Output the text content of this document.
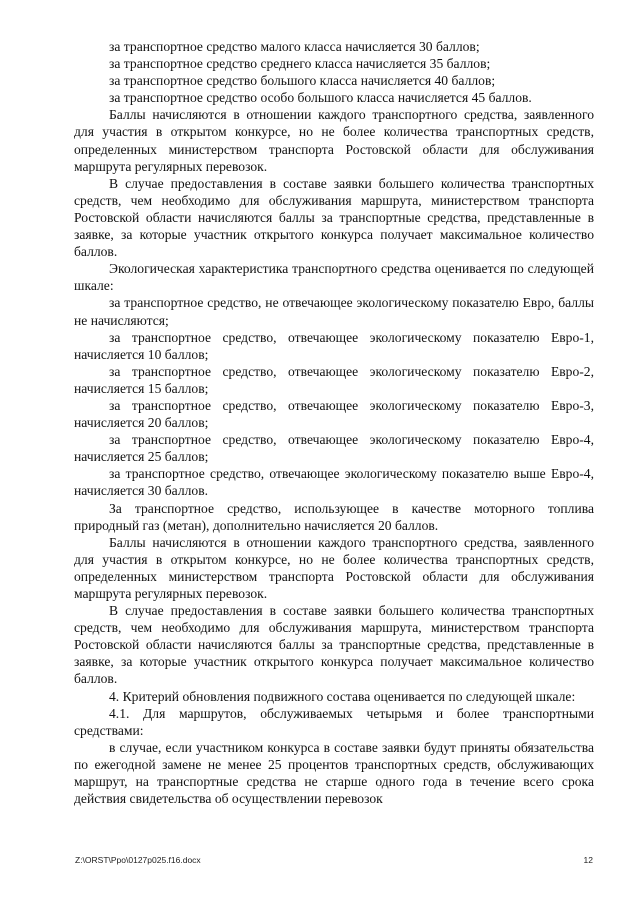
за транспортное средство малого класса начисляется 30 баллов;

за транспортное средство среднего класса начисляется 35 баллов;

за транспортное средство большого класса начисляется 40 баллов;

за транспортное средство особо большого класса начисляется 45 баллов.

Баллы начисляются в отношении каждого транспортного средства, заявленного для участия в открытом конкурсе, но не более количества транспортных средств, определенных министерством транспорта Ростовской области для обслуживания маршрута регулярных перевозок.

В случае предоставления в составе заявки большего количества транспортных средств, чем необходимо для обслуживания маршрута, министерством транспорта Ростовской области начисляются баллы за транспортные средства, представленные в заявке, за которые участник открытого конкурса получает максимальное количество баллов.

Экологическая характеристика транспортного средства оценивается по следующей шкале:

за транспортное средство, не отвечающее экологическому показателю Евро, баллы не начисляются;

за транспортное средство, отвечающее экологическому показателю Евро-1, начисляется 10 баллов;

за транспортное средство, отвечающее экологическому показателю Евро-2, начисляется 15 баллов;

за транспортное средство, отвечающее экологическому показателю Евро-3, начисляется 20 баллов;

за транспортное средство, отвечающее экологическому показателю Евро-4, начисляется 25 баллов;

за транспортное средство, отвечающее экологическому показателю выше Евро-4, начисляется 30 баллов.

За транспортное средство, использующее в качестве моторного топлива природный газ (метан), дополнительно начисляется 20 баллов.

Баллы начисляются в отношении каждого транспортного средства, заявленного для участия в открытом конкурсе, но не более количества транспортных средств, определенных министерством транспорта Ростовской области для обслуживания маршрута регулярных перевозок.

В случае предоставления в составе заявки большего количества транспортных средств, чем необходимо для обслуживания маршрута, министерством транспорта Ростовской области начисляются баллы за транспортные средства, представленные в заявке, за которые участник открытого конкурса получает максимальное количество баллов.

4. Критерий обновления подвижного состава оценивается по следующей шкале:

4.1. Для маршрутов, обслуживаемых четырьмя и более транспортными средствами:

в случае, если участником конкурса в составе заявки будут приняты обязательства по ежегодной замене не менее 25 процентов транспортных средств, обслуживающих маршрут, на транспортные средства не старше одного года в течение всего срока действия свидетельства об осуществлении перевозок

Z:\ORST\Ppo\0127p025.f16.docx	12
